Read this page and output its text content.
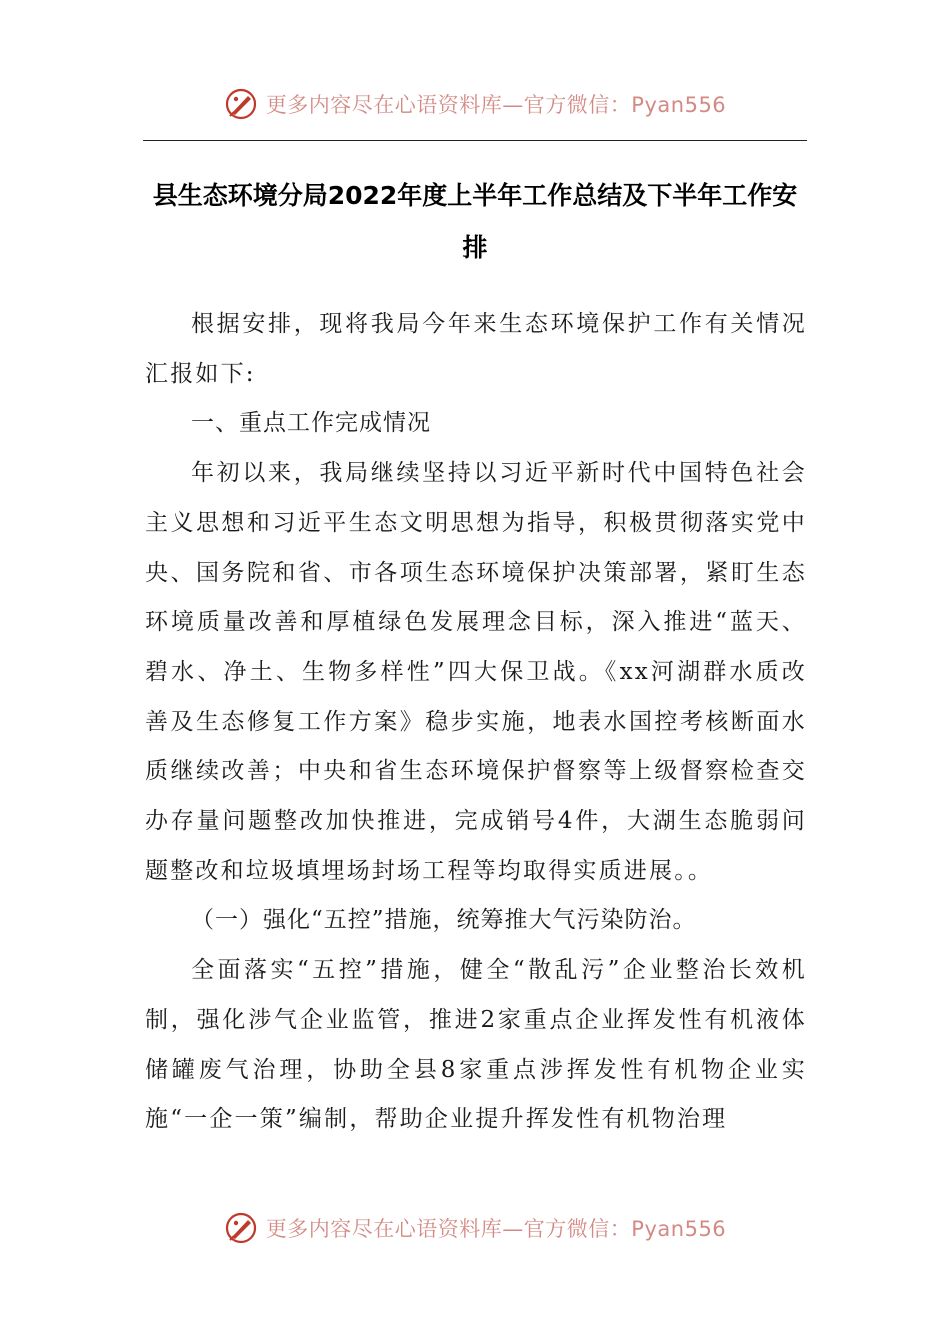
更多内容尽在心语资料库—官方微信：Pyan556
县生态环境分局2022年度上半年工作总结及下半年工作安排

根据安排，现将我局今年来生态环境保护工作有关情况汇报如下:

一、重点工作完成情况

年初以来，我局继续坚持以习近平新时代中国特色社会主义思想和习近平生态文明思想为指导，积极贯彻落实党中央、国务院和省、市各项生态环境保护决策部署，紧盯生态环境质量改善和厚植绿色发展理念目标，深入推进“蓝天、碧水、净土、生物多样性”四大保卫战。《xx河湖群水质改善及生态修复工作方案》稳步实施，地表水国控考核断面水质继续改善；中央和省生态环境保护督察等上级督察检查交办存量问题整改加快推进，完成销号4件，大湖生态脆弱问题整改和垃圾填埋场封场工程等均取得实质进展。。

（一）强化“五控”措施，统筹推大气污染防治。

全面落实“五控”措施，健全“散乱污”企业整治长效机制，强化涉气企业监管，推进2家重点企业挥发性有机液体储罐废气治理，协助全县8家重点涉挥发性有机物企业实施“一企一策”编制，帮助企业提升挥发性有机物治理

更多内容尽在心语资料库—官方微信：Pyan556
